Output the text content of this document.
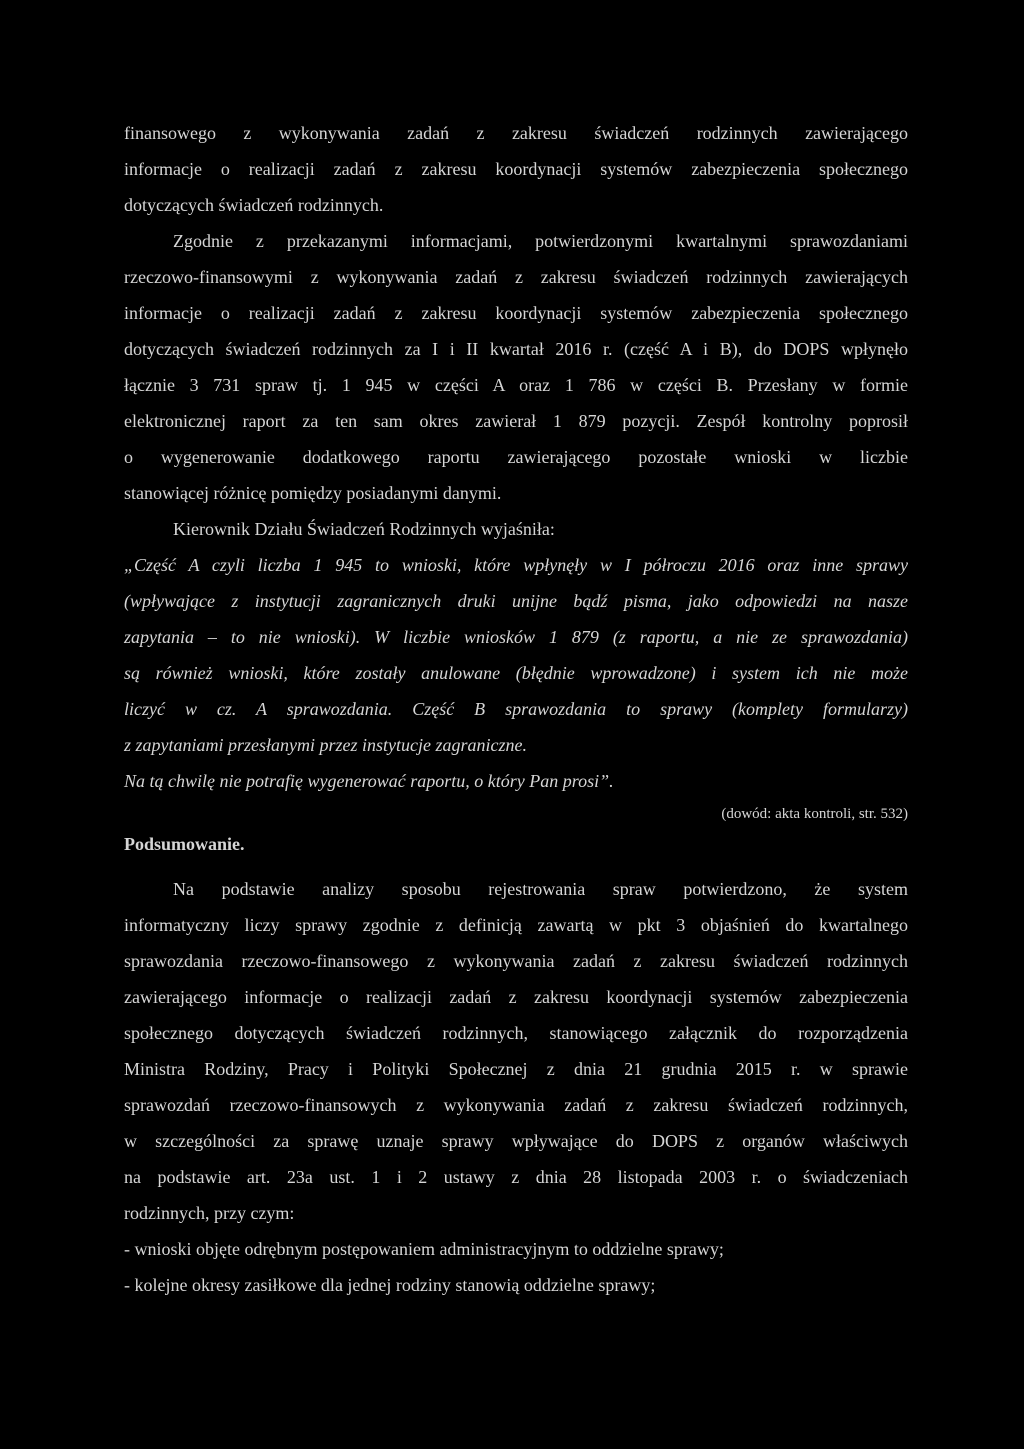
finansowego z wykonywania zadań z zakresu świadczeń rodzinnych zawierającego
informacje o realizacji zadań z zakresu koordynacji systemów zabezpieczenia społecznego
dotyczących świadczeń rodzinnych.
Zgodnie z przekazanymi informacjami, potwierdzonymi kwartalnymi sprawozdaniami
rzeczowo-finansowymi z wykonywania zadań z zakresu świadczeń rodzinnych zawierających
informacje o realizacji zadań z zakresu koordynacji systemów zabezpieczenia społecznego
dotyczących świadczeń rodzinnych za I i II kwartał 2016 r. (część A i B), do DOPS wpłynęło
łącznie 3 731 spraw tj. 1 945 w części A oraz 1 786 w części B. Przesłany w formie
elektronicznej raport za ten sam okres zawierał 1 879 pozycji. Zespół kontrolny poprosił
o wygenerowanie dodatkowego raportu zawierającego pozostałe wnioski w liczbie
stanowiącej różnicę pomiędzy posiadanymi danymi.
Kierownik Działu Świadczeń Rodzinnych wyjaśniła:
„Część A czyli liczba 1 945 to wnioski, które wpłynęły w I półroczu 2016 oraz inne sprawy
(wpływające z instytucji zagranicznych druki unijne bądź pisma, jako odpowiedzi na nasze
zapytania – to nie wnioski). W liczbie wniosków 1 879 (z raportu, a nie ze sprawozdania)
są również wnioski, które zostały anulowane (błędnie wprowadzone) i system ich nie może
liczyć w cz. A sprawozdania. Część B sprawozdania to sprawy (komplety formularzy)
z zapytaniami przesłanymi przez instytucje zagraniczne.
Na tą chwilę nie potrafię wygenerować raportu, o który Pan prosi”.
(dowód: akta kontroli, str. 532)
Podsumowanie.
Na podstawie analizy sposobu rejestrowania spraw potwierdzono, że system
informatyczny liczy sprawy zgodnie z definicją zawartą w pkt 3 objaśnień do kwartalnego
sprawozdania rzeczowo-finansowego z wykonywania zadań z zakresu świadczeń rodzinnych
zawierającego informacje o realizacji zadań z zakresu koordynacji systemów zabezpieczenia
społecznego dotyczących świadczeń rodzinnych, stanowiącego załącznik do rozporządzenia
Ministra Rodziny, Pracy i Polityki Społecznej z dnia 21 grudnia 2015 r. w sprawie
sprawozdań rzeczowo-finansowych z wykonywania zadań z zakresu świadczeń rodzinnych,
w szczególności za sprawę uznaje sprawy wpływające do DOPS z organów właściwych
na podstawie art. 23a ust. 1 i 2 ustawy z dnia 28 listopada 2003 r. o świadczeniach
rodzinnych, przy czym:
- wnioski objęte odrębnym postępowaniem administracyjnym to oddzielne sprawy;
- kolejne okresy zasiłkowe dla jednej rodziny stanowią oddzielne sprawy;
